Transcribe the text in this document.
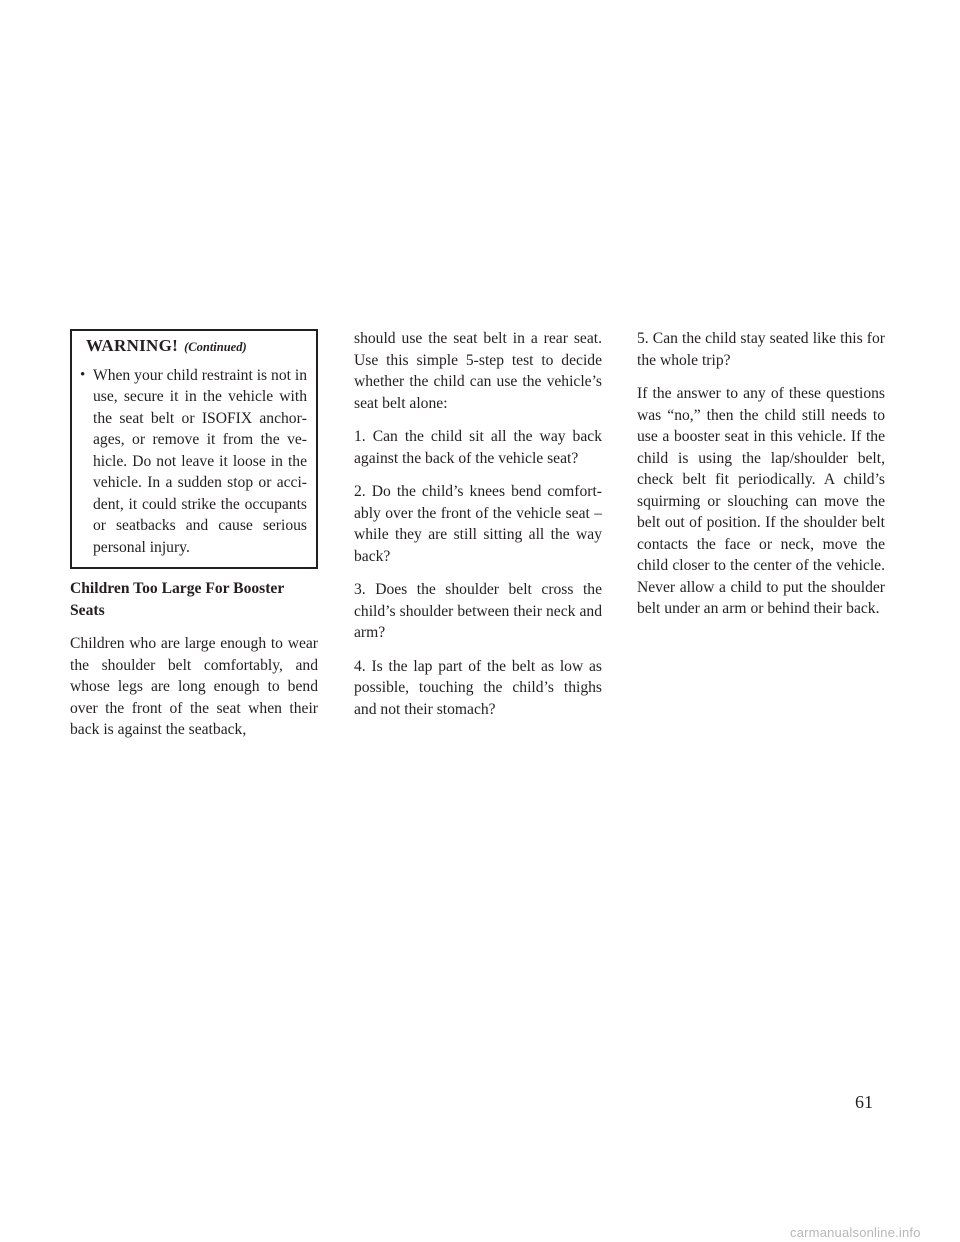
WARNING! (Continued)
• When your child restraint is not in use, secure it in the vehicle with the seat belt or ISOFIX anchorages, or remove it from the vehicle. Do not leave it loose in the vehicle. In a sudden stop or accident, it could strike the occupants or seatbacks and cause serious personal injury.

Children Too Large For Booster Seats

Children who are large enough to wear the shoulder belt comfortably, and whose legs are long enough to bend over the front of the seat when their back is against the seatback,

should use the seat belt in a rear seat. Use this simple 5-step test to decide whether the child can use the vehicle’s seat belt alone:

1. Can the child sit all the way back against the back of the vehicle seat?

2. Do the child’s knees bend comfortably over the front of the vehicle seat – while they are still sitting all the way back?

3. Does the shoulder belt cross the child’s shoulder between their neck and arm?

4. Is the lap part of the belt as low as possible, touching the child’s thighs and not their stomach?

5. Can the child stay seated like this for the whole trip?

If the answer to any of these questions was “no,” then the child still needs to use a booster seat in this vehicle. If the child is using the lap/shoulder belt, check belt fit periodically. A child’s squirming or slouching can move the belt out of position. If the shoulder belt contacts the face or neck, move the child closer to the center of the vehicle. Never allow a child to put the shoulder belt under an arm or behind their back.

61
carmanualsonline.info
